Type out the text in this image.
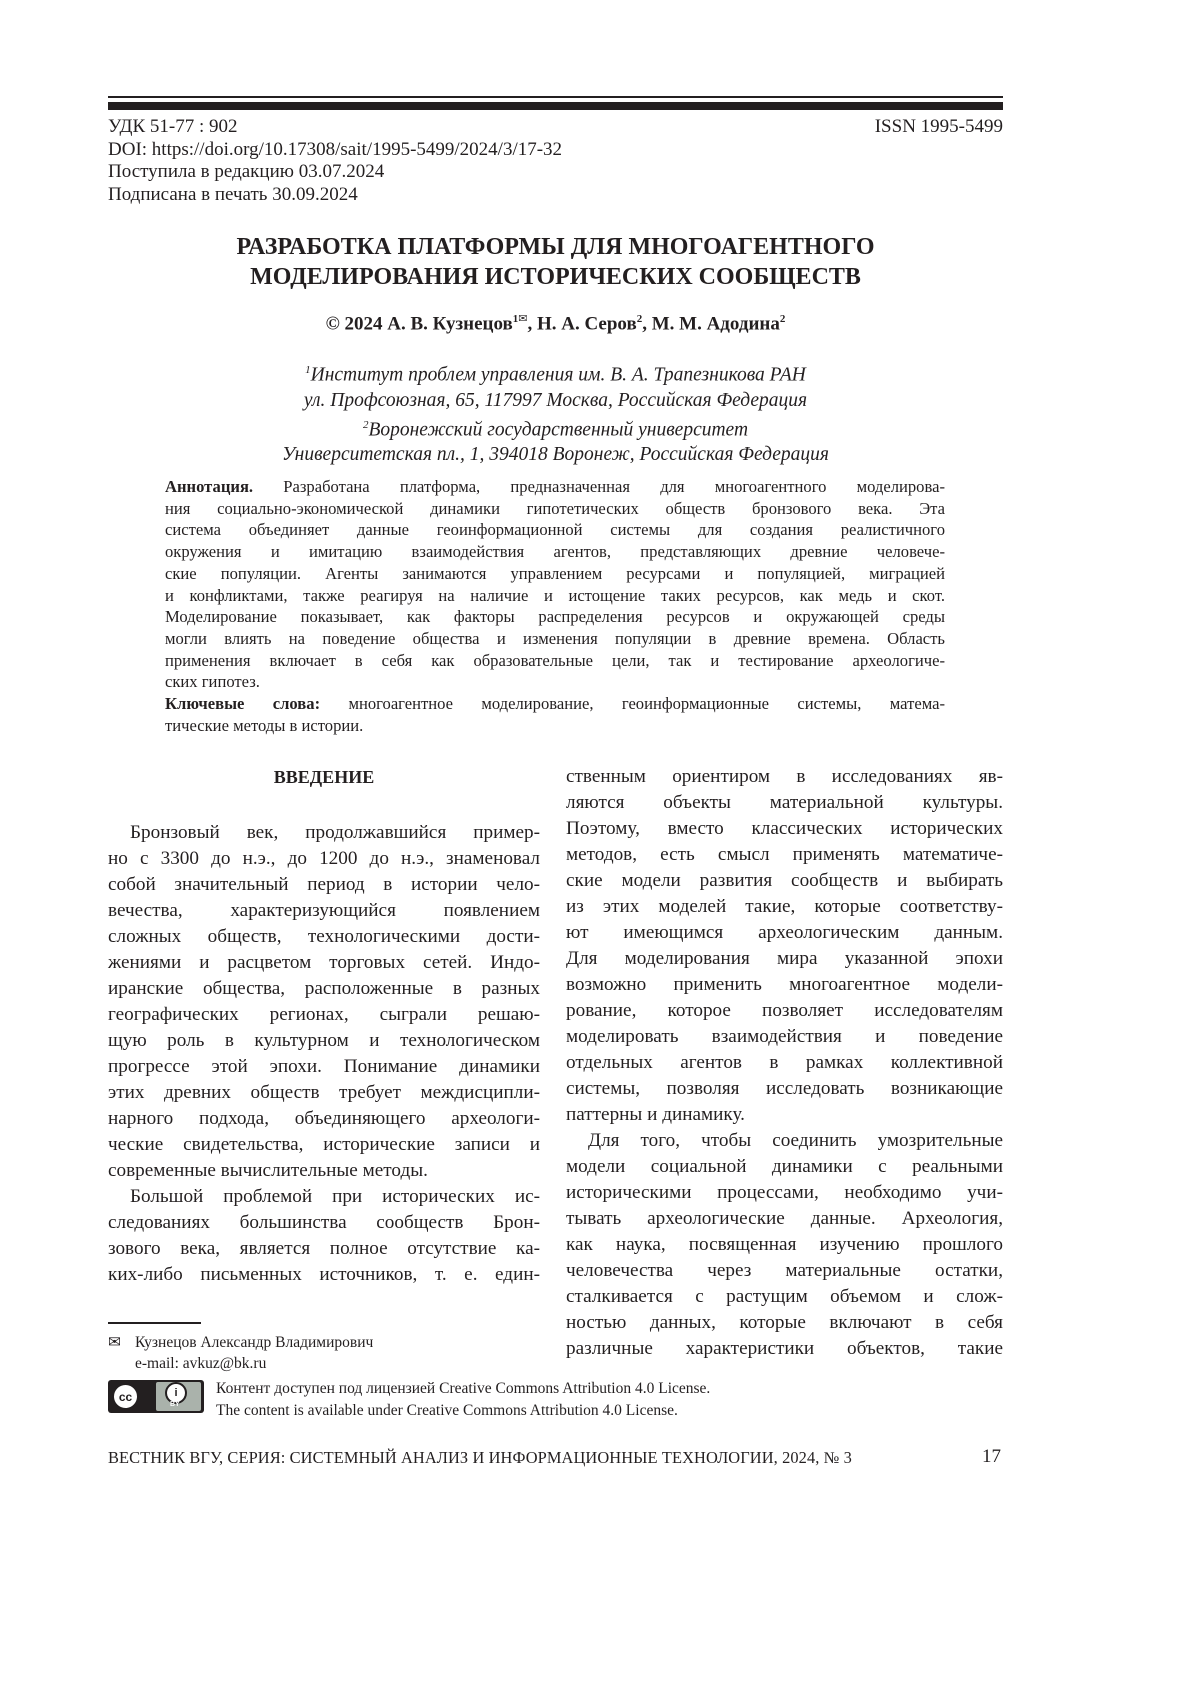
УДК 51-77 : 902
DOI: https://doi.org/10.17308/sait/1995-5499/2024/3/17-32
Поступила в редакцию 03.07.2024
Подписана в печать 30.09.2024
ISSN 1995-5499
РАЗРАБОТКА ПЛАТФОРМЫ ДЛЯ МНОГОАГЕНТНОГО
МОДЕЛИРОВАНИЯ ИСТОРИЧЕСКИХ СООБЩЕСТВ
© 2024 А. В. Кузнецов1✉, Н. А. Серов2, М. М. Адодина2
1Институт проблем управления им. В. А. Трапезникова РАН
ул. Профсоюзная, 65, 117997 Москва, Российская Федерация
2Воронежский государственный университет
Университетская пл., 1, 394018 Воронеж, Российская Федерация
Аннотация. Разработана платформа, предназначенная для многоагентного моделирова-
ния социально-экономической динамики гипотетических обществ бронзового века. Эта
система объединяет данные геоинформационной системы для создания реалистичного
окружения и имитацию взаимодействия агентов, представляющих древние человече-
ские популяции. Агенты занимаются управлением ресурсами и популяцией, миграцией
и конфликтами, также реагируя на наличие и истощение таких ресурсов, как медь и скот.
Моделирование показывает, как факторы распределения ресурсов и окружающей среды
могли влиять на поведение общества и изменения популяции в древние времена. Область
применения включает в себя как образовательные цели, так и тестирование археологиче-
ских гипотез.
Ключевые слова: многоагентное моделирование, геоинформационные системы, матема-
тические методы в истории.
ВВЕДЕНИЕ
Бронзовый век, продолжавшийся пример-
но с 3300 до н.э., до 1200 до н.э., знаменовал
собой значительный период в истории чело-
вечества, характеризующийся появлением
сложных обществ, технологическими дости-
жениями и расцветом торговых сетей. Индо-
иранские общества, расположенные в разных
географических регионах, сыграли решаю-
щую роль в культурном и технологическом
прогрессе этой эпохи. Понимание динамики
этих древних обществ требует междисципли-
нарного подхода, объединяющего археологи-
ческие свидетельства, исторические записи и
современные вычислительные методы.
Большой проблемой при исторических ис-
следованиях большинства сообществ Брон-
зового века, является полное отсутствие ка-
ких-либо письменных источников, т. е. един-
ственным ориентиром в исследованиях яв-
ляются объекты материальной культуры.
Поэтому, вместо классических исторических
методов, есть смысл применять математиче-
ские модели развития сообществ и выбирать
из этих моделей такие, которые соответству-
ют имеющимся археологическим данным.
Для моделирования мира указанной эпохи
возможно применить многоагентное модели-
рование, которое позволяет исследователям
моделировать взаимодействия и поведение
отдельных агентов в рамках коллективной
системы, позволяя исследовать возникающие
паттерны и динамику.
Для того, чтобы соединить умозрительные
модели социальной динамики с реальными
историческими процессами, необходимо учи-
тывать археологические данные. Археология,
как наука, посвященная изучению прошлого
человечества через материальные остатки,
сталкивается с растущим объемом и слож-
ностью данных, которые включают в себя
различные характеристики объектов, такие
✉ Кузнецов Александр Владимирович
e-mail: avkuz@bk.ru
cc	i
BY
Контент доступен под лицензией Creative Commons Attribution 4.0 License.
The content is available under Creative Commons Attribution 4.0 License.
ВЕСТНИК ВГУ, СЕРИЯ: СИСТЕМНЫЙ АНАЛИЗ И ИНФОРМАЦИОННЫЕ ТЕХНОЛОГИИ, 2024, № 3	17
